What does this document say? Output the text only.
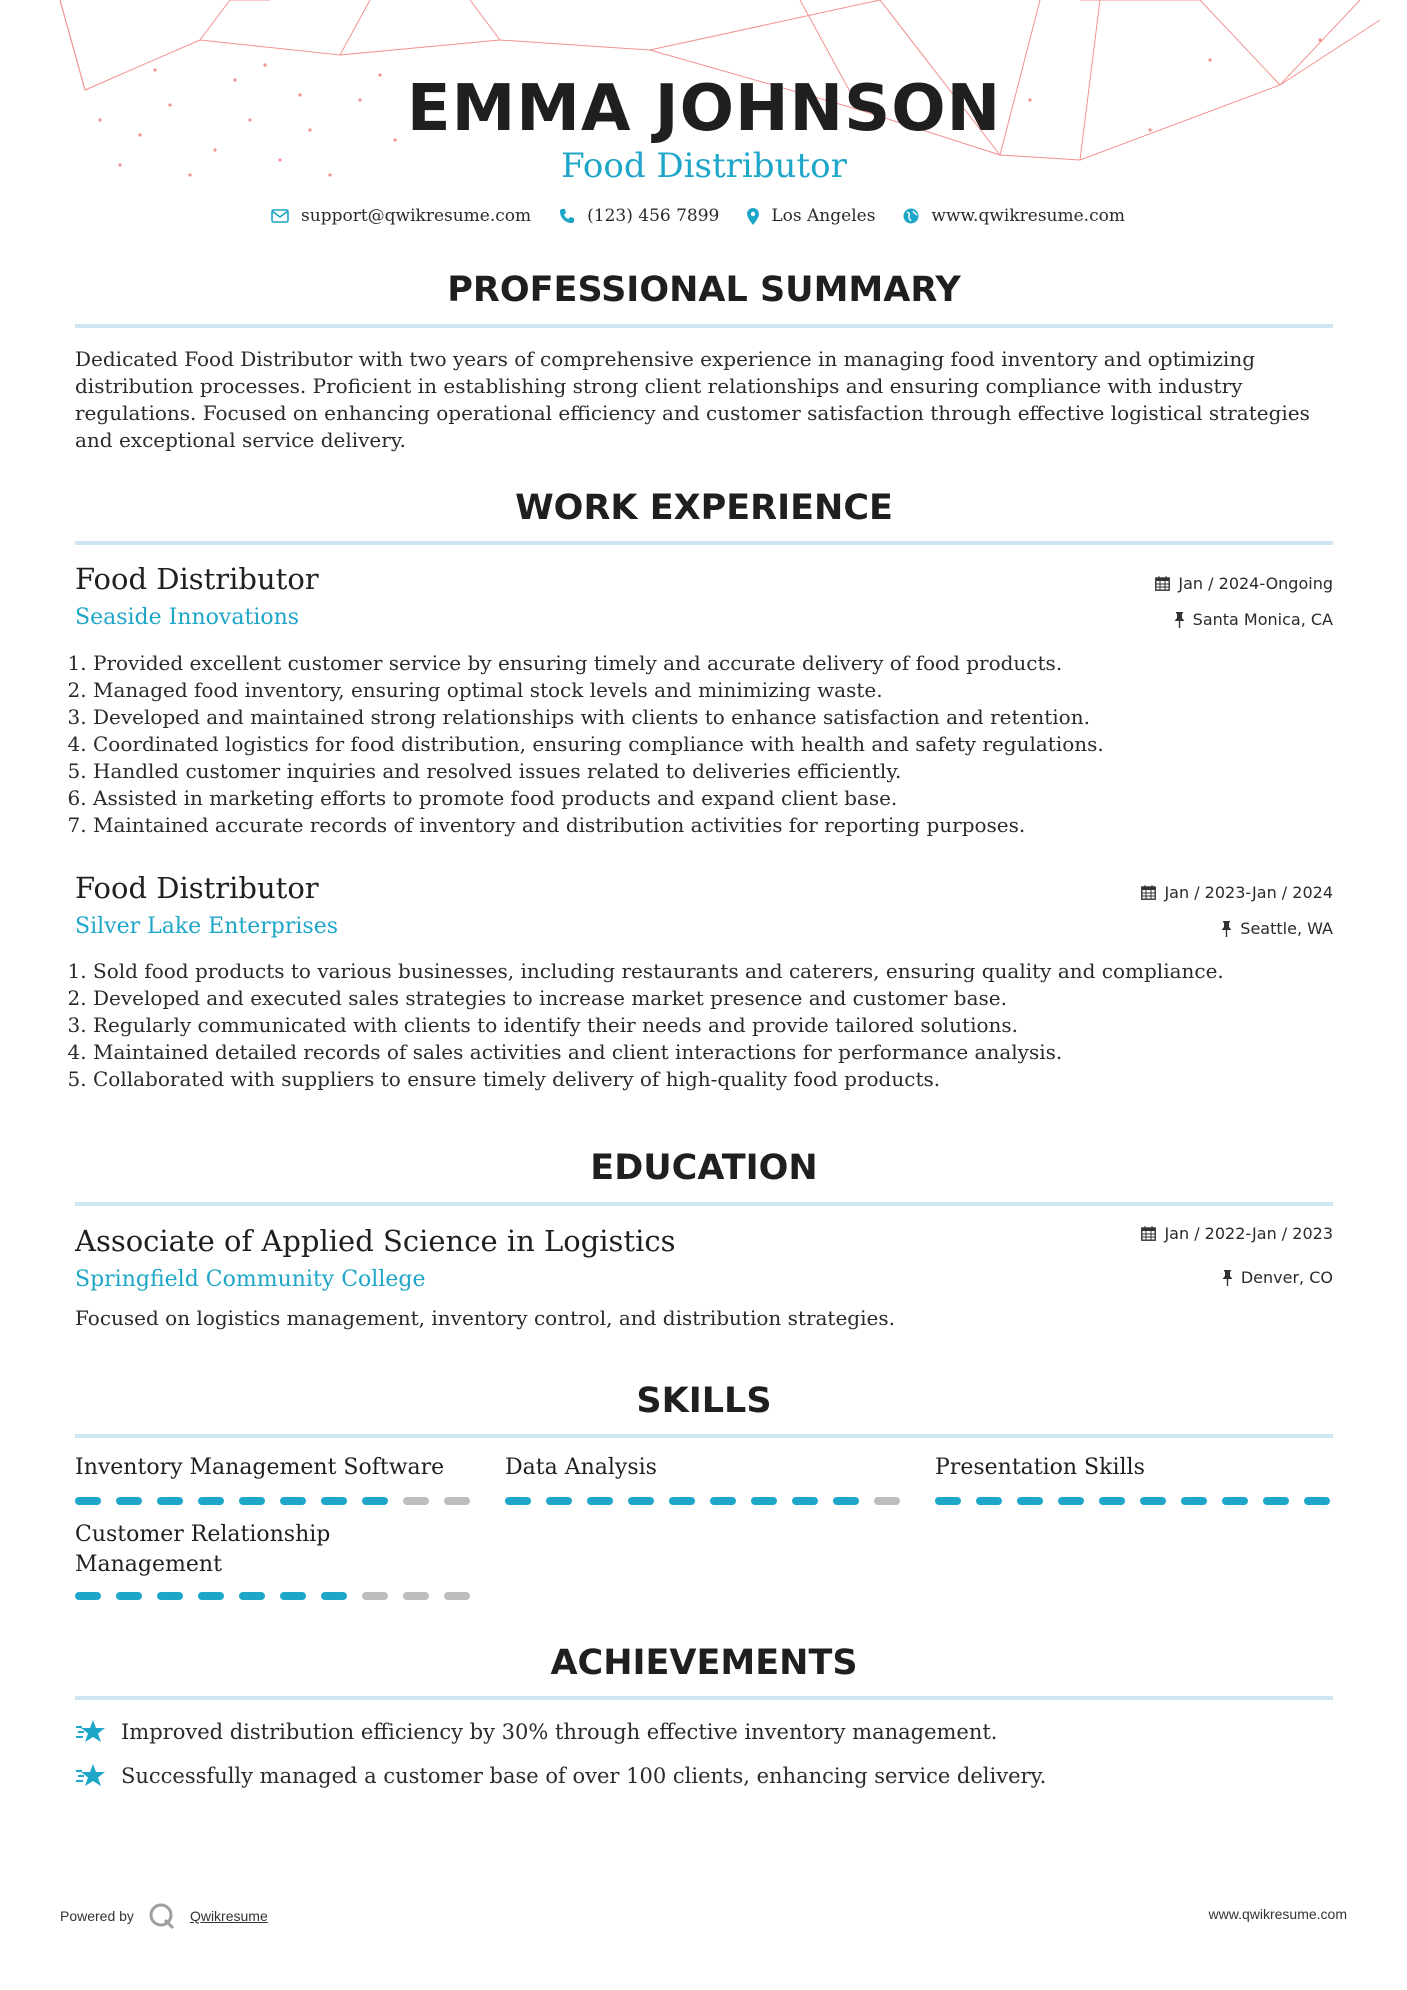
EMMA JOHNSON
Food Distributor
support@qwikresume.com	(123) 456 7899	Los Angeles	www.qwikresume.com
PROFESSIONAL SUMMARY
Dedicated Food Distributor with two years of comprehensive experience in managing food inventory and optimizing distribution processes. Proficient in establishing strong client relationships and ensuring compliance with industry regulations. Focused on enhancing operational efficiency and customer satisfaction through effective logistical strategies and exceptional service delivery.
WORK EXPERIENCE
Food Distributor
Seaside Innovations
Jan / 2024-Ongoing
Santa Monica, CA
1. Provided excellent customer service by ensuring timely and accurate delivery of food products.
2. Managed food inventory, ensuring optimal stock levels and minimizing waste.
3. Developed and maintained strong relationships with clients to enhance satisfaction and retention.
4. Coordinated logistics for food distribution, ensuring compliance with health and safety regulations.
5. Handled customer inquiries and resolved issues related to deliveries efficiently.
6. Assisted in marketing efforts to promote food products and expand client base.
7. Maintained accurate records of inventory and distribution activities for reporting purposes.
Food Distributor
Silver Lake Enterprises
Jan / 2023-Jan / 2024
Seattle, WA
1. Sold food products to various businesses, including restaurants and caterers, ensuring quality and compliance.
2. Developed and executed sales strategies to increase market presence and customer base.
3. Regularly communicated with clients to identify their needs and provide tailored solutions.
4. Maintained detailed records of sales activities and client interactions for performance analysis.
5. Collaborated with suppliers to ensure timely delivery of high-quality food products.
EDUCATION
Associate of Applied Science in Logistics
Springfield Community College
Jan / 2022-Jan / 2023
Denver, CO
Focused on logistics management, inventory control, and distribution strategies.
SKILLS
Inventory Management Software	Data Analysis	Presentation Skills
Customer Relationship Management
ACHIEVEMENTS
Improved distribution efficiency by 30% through effective inventory management.
Successfully managed a customer base of over 100 clients, enhancing service delivery.
Powered by	Qwikresume	www.qwikresume.com
